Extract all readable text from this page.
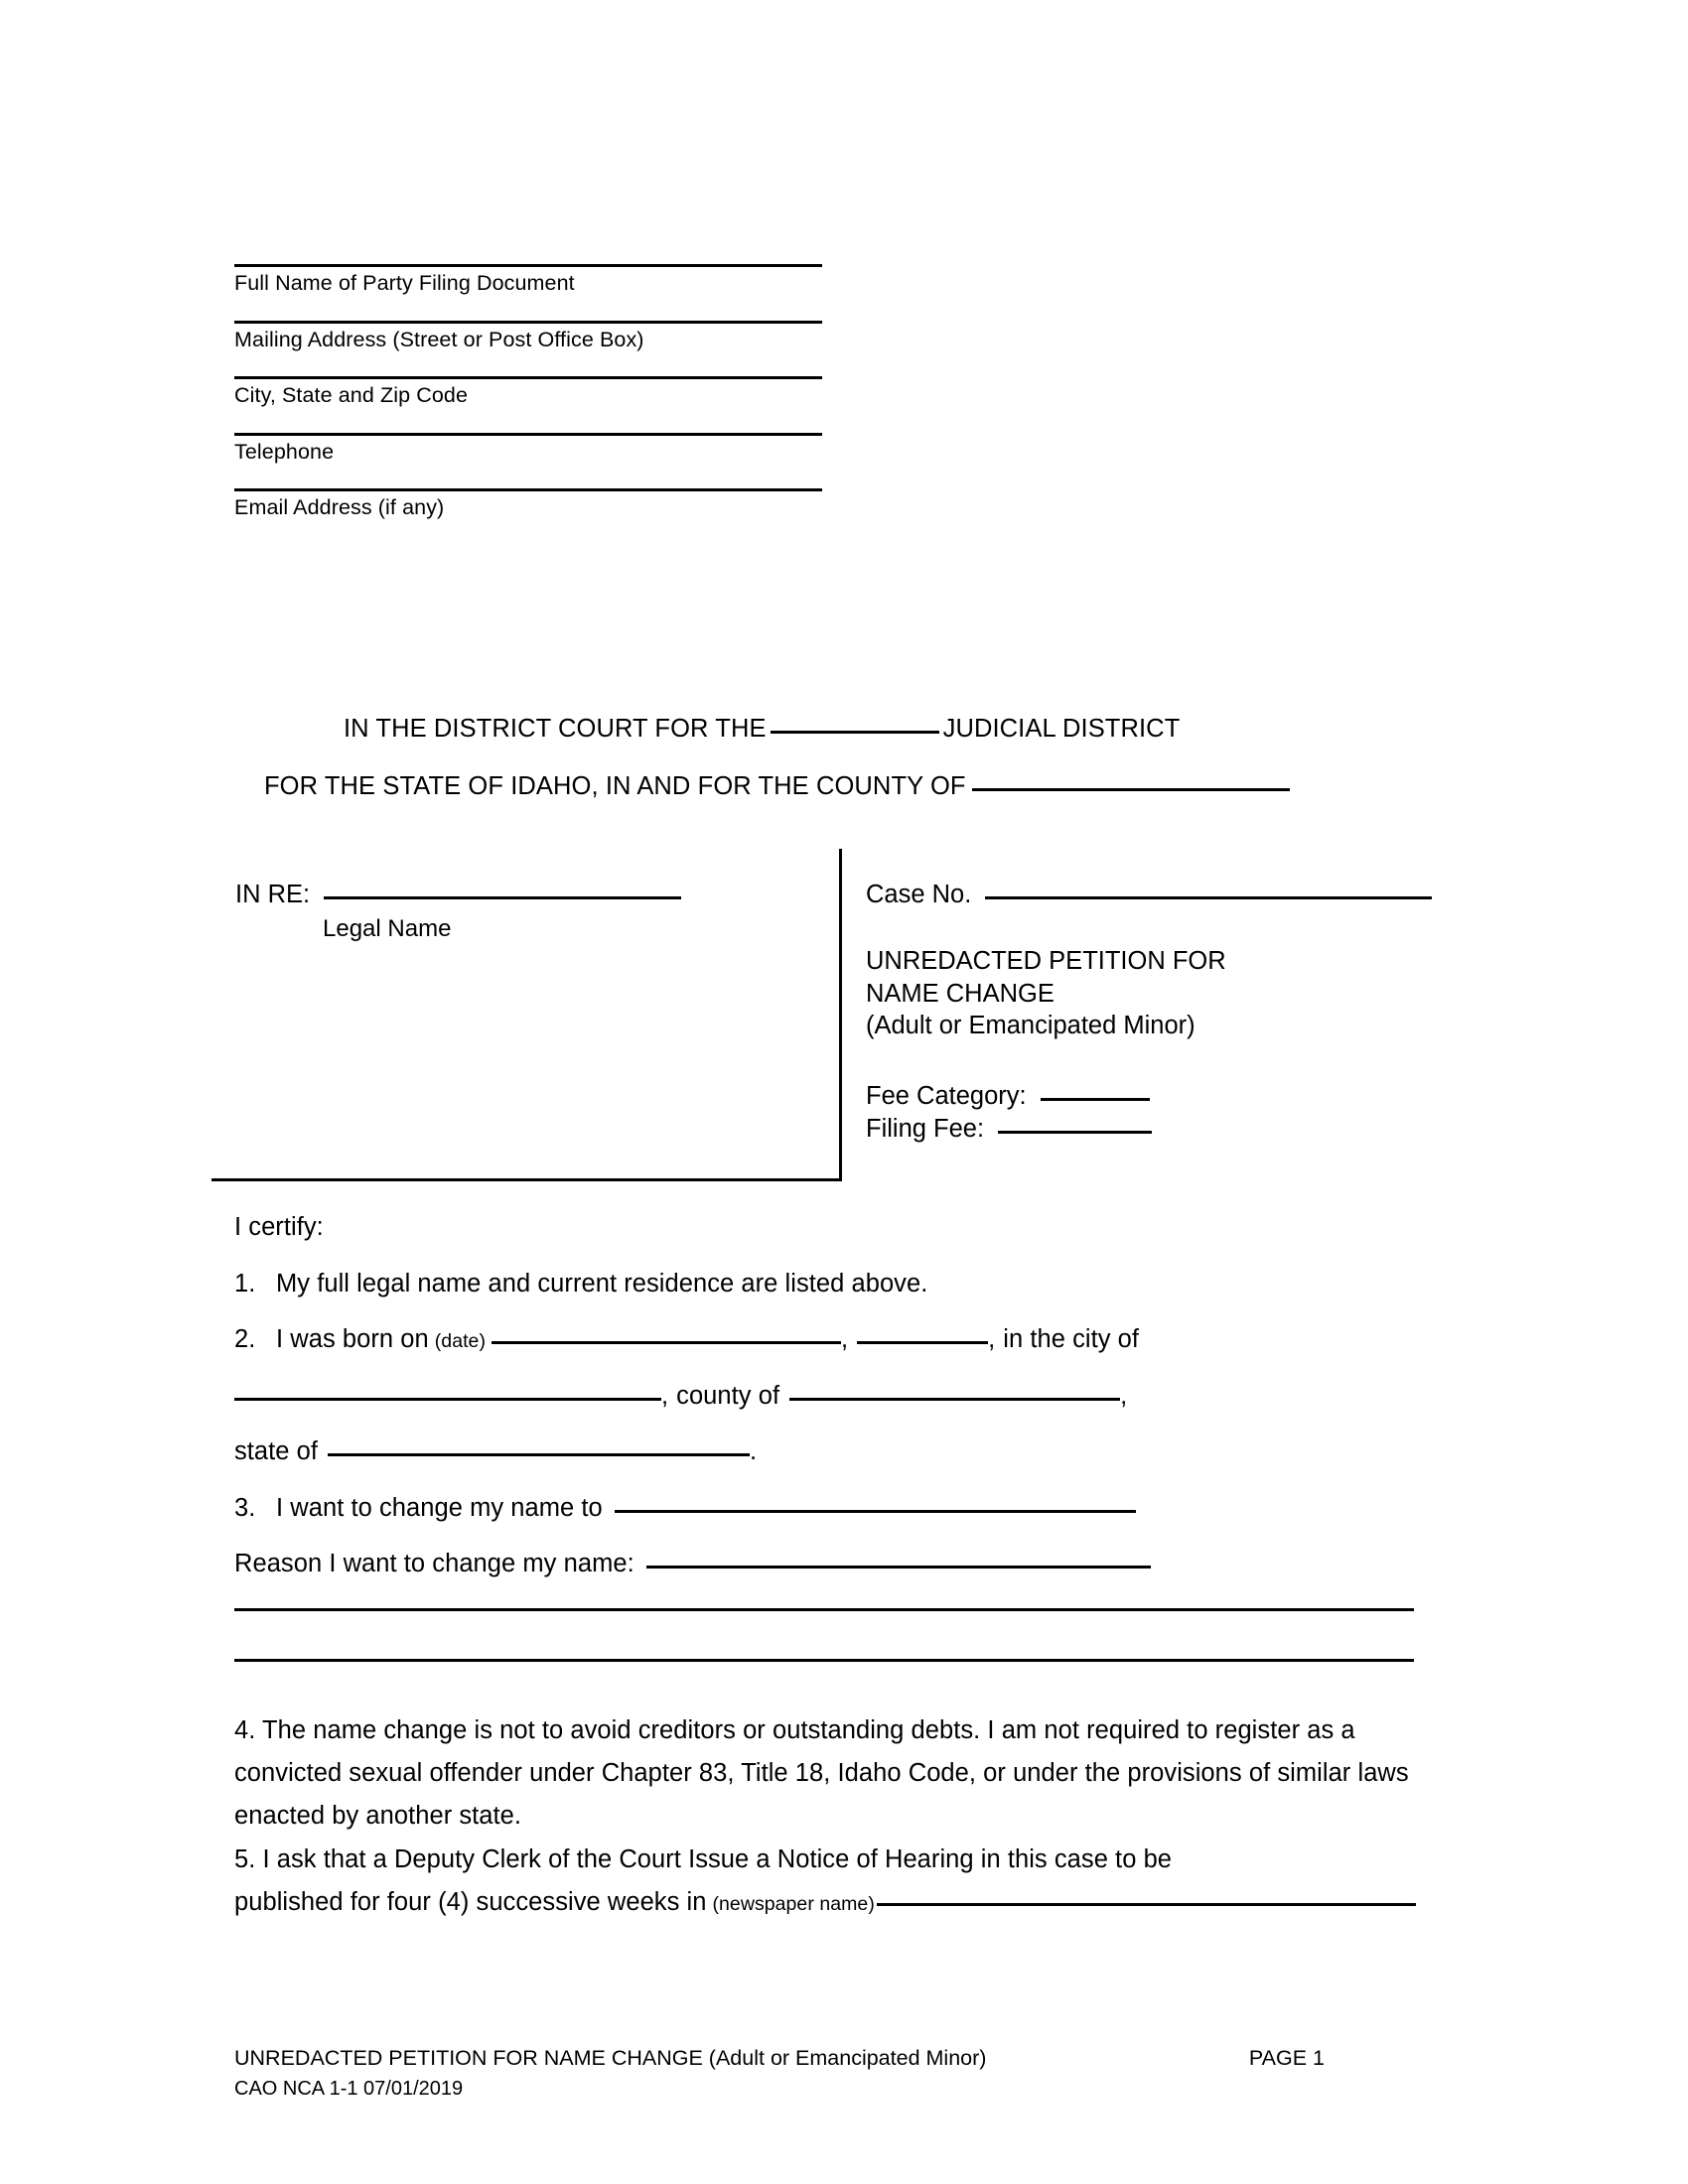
Full Name of Party Filing Document
Mailing Address (Street or Post Office Box)
City, State and Zip Code
Telephone
Email Address (if any)
IN THE DISTRICT COURT FOR THE	JUDICIAL DISTRICT
FOR THE STATE OF IDAHO, IN AND FOR THE COUNTY OF
IN RE:
Legal Name
Case No.
UNREDACTED PETITION FOR
NAME CHANGE
(Adult or Emancipated Minor)
Fee Category:
Filing Fee:
I certify:
1. My full legal name and current residence are listed above.
2. I was born on (date)	,	, in the city of
, county of	,
state of	.
3. I want to change my name to
Reason I want to change my name:
4. The name change is not to avoid creditors or outstanding debts. I am not required to register as a convicted sexual offender under Chapter 83, Title 18, Idaho Code, or under the provisions of similar laws enacted by another state.
5. I ask that a Deputy Clerk of the Court Issue a Notice of Hearing in this case to be
published for four (4) successive weeks in (newspaper name)
UNREDACTED PETITION FOR NAME CHANGE (Adult or Emancipated Minor)	PAGE 1
CAO NCA 1-1 07/01/2019
